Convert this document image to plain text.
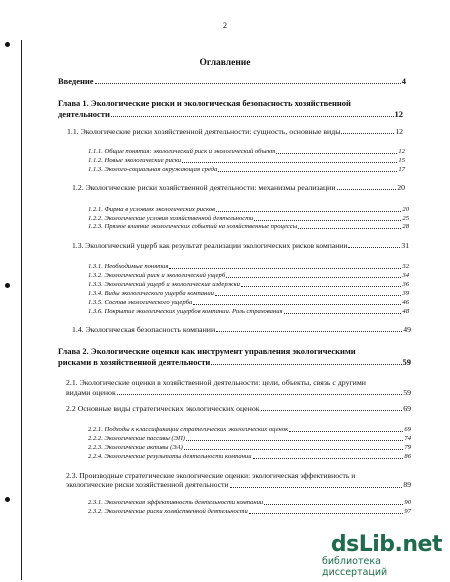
2
Оглавление
Введение	4
Глава 1. Экологические риски и экологическая безопасность хозяйственной
деятельности	12
1.1. Экологические риски хозяйственной деятельности: сущность, основные виды	12
1.1.1. Общие понятия: экологический риск и экологический объект	12
1.1.2. Новые экологические риски	15
1.1.3. Эколого-социальная окружающая среда	17
1.2. Экологические риски хозяйственной деятельности: механизмы реализации	20
1.2.1. Фирма в условиях экологических рисков	20
1.2.2. Экологические условия хозяйственной деятельности	25
1.2.3. Прямое влияние экологических событий на хозяйственные процессы	28
1.3. Экологический ущерб как результат реализации экологических рисков компании	31
1.3.1. Необходимые понятия	32
1.3.2. Экологический риск и экологический ущерб	34
1.3.3. Экологический ущерб и экологические издержки	36
1.3.4. Виды экологического ущерба компании	39
1.3.5. Состав экологического ущерба	46
1.3.6. Покрытие экологических ущербов компании. Роль страхования	48
1.4. Экологическая безопасность компании	49
Глава 2. Экологические оценки как инструмент управления экологическими
рисками в хозяйственной деятельности	59
2.1. Экологические оценки в хозяйственной деятельности: цели, объекты, связь с другими
видами оценок	59
2.2 Основные виды стратегических экологических оценок	69
2.2.1. Подходы к классификации стратегических экологических оценок	69
2.2.2. Экологические пассивы (ЭП)	74
2.2.3. Экологические активы (ЭА)	79
2.2.4. Экологические результаты деятельности компании	86
2.3. Производные стратегические экологические оценки: экологическая эффективность и
экологические риски хозяйственной деятельности	89
2.3.1. Экологическая эффективность деятельности компании	90
2.3.2. Экологические риски хозяйственной деятельности	97
dsLib.net
библиотека диссертаций
